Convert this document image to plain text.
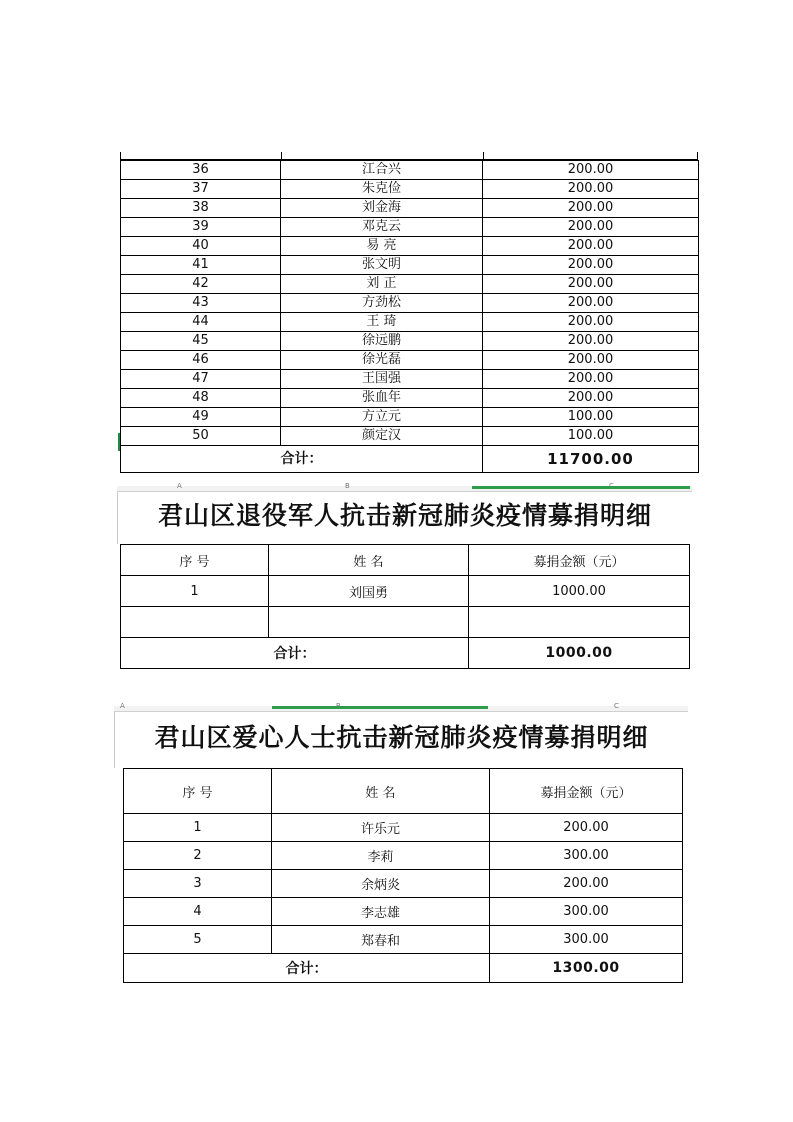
36	江合兴	200.00
37	朱克俭	200.00
38	刘金海	200.00
39	邓克云	200.00
40	易 亮	200.00
41	张文明	200.00
42	刘 正	200.00
43	方劲松	200.00
44	王 琦	200.00
45	徐远鹏	200.00
46	徐光磊	200.00
47	王国强	200.00
48	张血年	200.00
49	方立元	100.00
50	颜定汉	100.00
合计：		11700.00
A	B
君山区退役军人抗击新冠肺炎疫情募捐明细
序 号	姓 名	募捐金额（元）
1	刘国勇	1000.00

合计：		1000.00
A	C
君山区爱心人士抗击新冠肺炎疫情募捐明细
序 号	姓 名	募捐金额（元）
1	许乐元	200.00
2	李莉	300.00
3	余炳炎	200.00
4	李志雄	300.00
5	郑春和	300.00
合计：		1300.00
